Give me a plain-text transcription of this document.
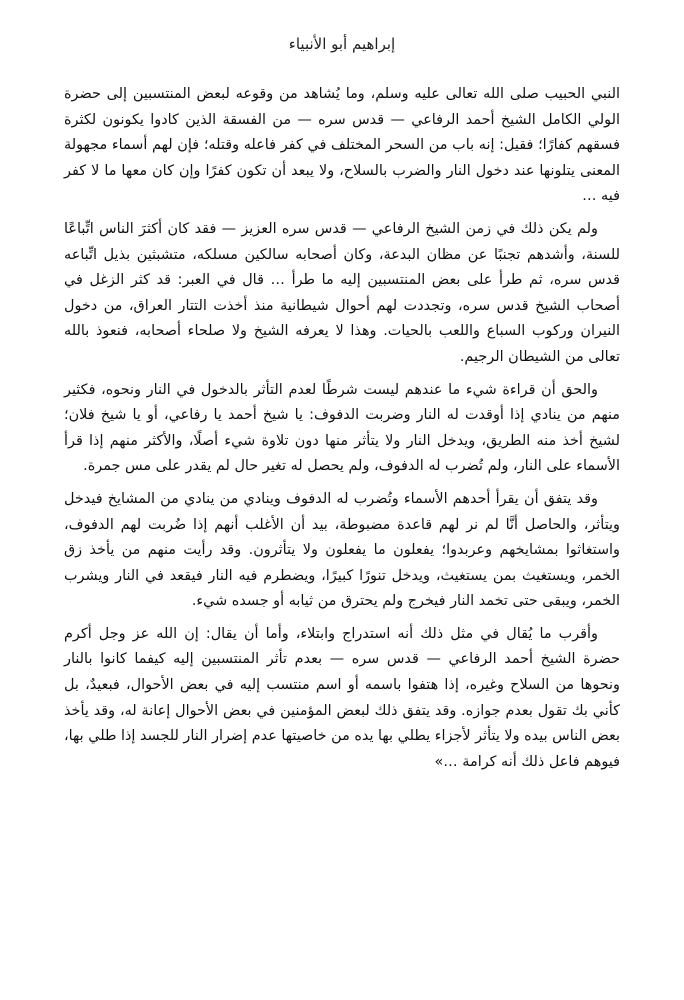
إبراهيم أبو الأنبياء

النبي الحبيب صلى الله تعالى عليه وسلم، وما يُشاهد من وقوعه لبعض المنتسبين إلى حضرة الولي الكامل الشيخ أحمد الرفاعي — قدس سره — من الفسقة الذين كادوا يكونون لكثرة فسقهم كفارًا؛ فقيل: إنه باب من السحر المختلف في كفر فاعله وقتله؛ فإن لهم أسماء مجهولة المعنى يتلونها عند دخول النار والضرب بالسلاح، ولا يبعد أن تكون كفرًا وإن كان معها ما لا كفر فيه …

ولم يكن ذلك في زمن الشيخ الرفاعي — قدس سره العزيز — فقد كان أكثرَ الناس اتِّباعًا للسنة، وأشدهم تجنبًا عن مظان البدعة، وكان أصحابه سالكين مسلكه، متشبثين بذيل اتِّباعه قدس سره، ثم طرأ على بعض المنتسبين إليه ما طرأ … قال في العبر: قد كثر الزغل في أصحاب الشيخ قدس سره، وتجددت لهم أحوال شيطانية منذ أخذت التتار العراق، من دخول النيران وركوب السباع واللعب بالحيات. وهذا لا يعرفه الشيخ ولا صلحاء أصحابه، فنعوذ بالله تعالى من الشيطان الرجيم.

والحق أن قراءة شيء ما عندهم ليست شرطًا لعدم التأثر بالدخول في النار ونحوه، فكثير منهم من ينادي إذا أوقدت له النار وضربت الدفوف: يا شيخ أحمد يا رفاعي، أو يا شيخ فلان؛ لشيخ أخذ منه الطريق، ويدخل النار ولا يتأثر منها دون تلاوة شيء أصلًا، والأكثر منهم إذا قرأ الأسماء على النار، ولم تُضرب له الدفوف، ولم يحصل له تغير حال لم يقدر على مس جمرة.

وقد يتفق أن يقرأ أحدهم الأسماء وتُضرب له الدفوف وينادي من ينادي من المشايخ فيدخل ويتأثر، والحاصل أنَّا لم نر لهم قاعدة مضبوطة، بيد أن الأغلب أنهم إذا ضُربت لهم الدفوف، واستغاثوا بمشايخهم وعربدوا؛ يفعلون ما يفعلون ولا يتأثرون. وقد رأيت منهم من يأخذ زق الخمر، ويستغيث بمن يستغيث، ويدخل تنورًا كبيرًا، ويضطرم فيه النار فيقعد في النار ويشرب الخمر، ويبقى حتى تخمد النار فيخرج ولم يحترق من ثيابه أو جسده شيء.

وأقرب ما يُقال في مثل ذلك أنه استدراج وابتلاء، وأما أن يقال: إن الله عز وجل أكرم حضرة الشيخ أحمد الرفاعي — قدس سره — بعدم تأثر المنتسبين إليه كيفما كانوا بالنار ونحوها من السلاح وغيره، إذا هتفوا باسمه أو اسم منتسب إليه في بعض الأحوال، فبعيدٌ، بل كأني بك تقول بعدم جوازه. وقد يتفق ذلك لبعض المؤمنين في بعض الأحوال إعانة له، وقد يأخذ بعض الناس بيده ولا يتأثر لأجزاء يطلي بها يده من خاصيتها عدم إضرار النار للجسد إذا طلي بها، فيوهم فاعل ذلك أنه كرامة …»
